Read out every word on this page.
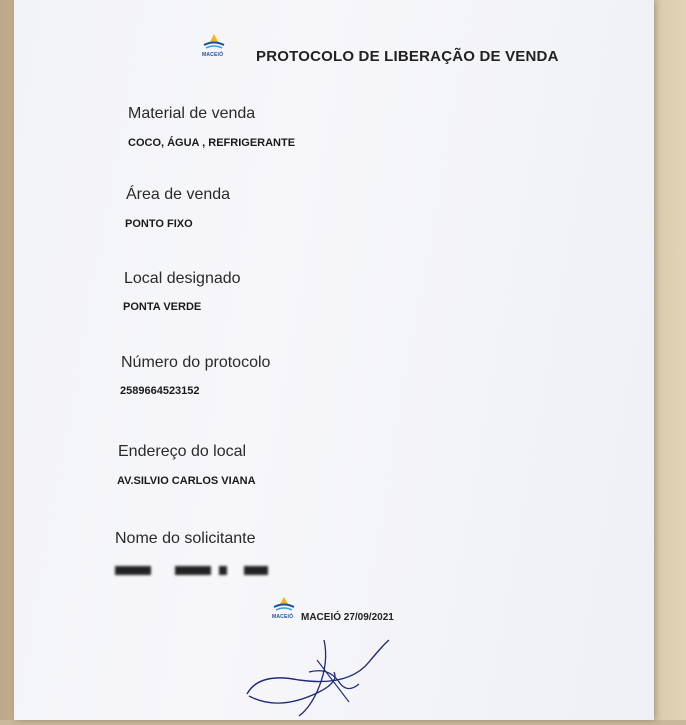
MACEIÓ PROTOCOLO DE LIBERAÇÃO DE VENDA
Material de venda
COCO, ÁGUA , REFRIGERANTE
Área de venda
PONTO FIXO
Local designado
PONTA VERDE
Número do protocolo
2589664523152
Endereço do local
AV.SILVIO CARLOS VIANA
Nome do solicitante
MACEIÓ MACEIÓ 27/09/2021
